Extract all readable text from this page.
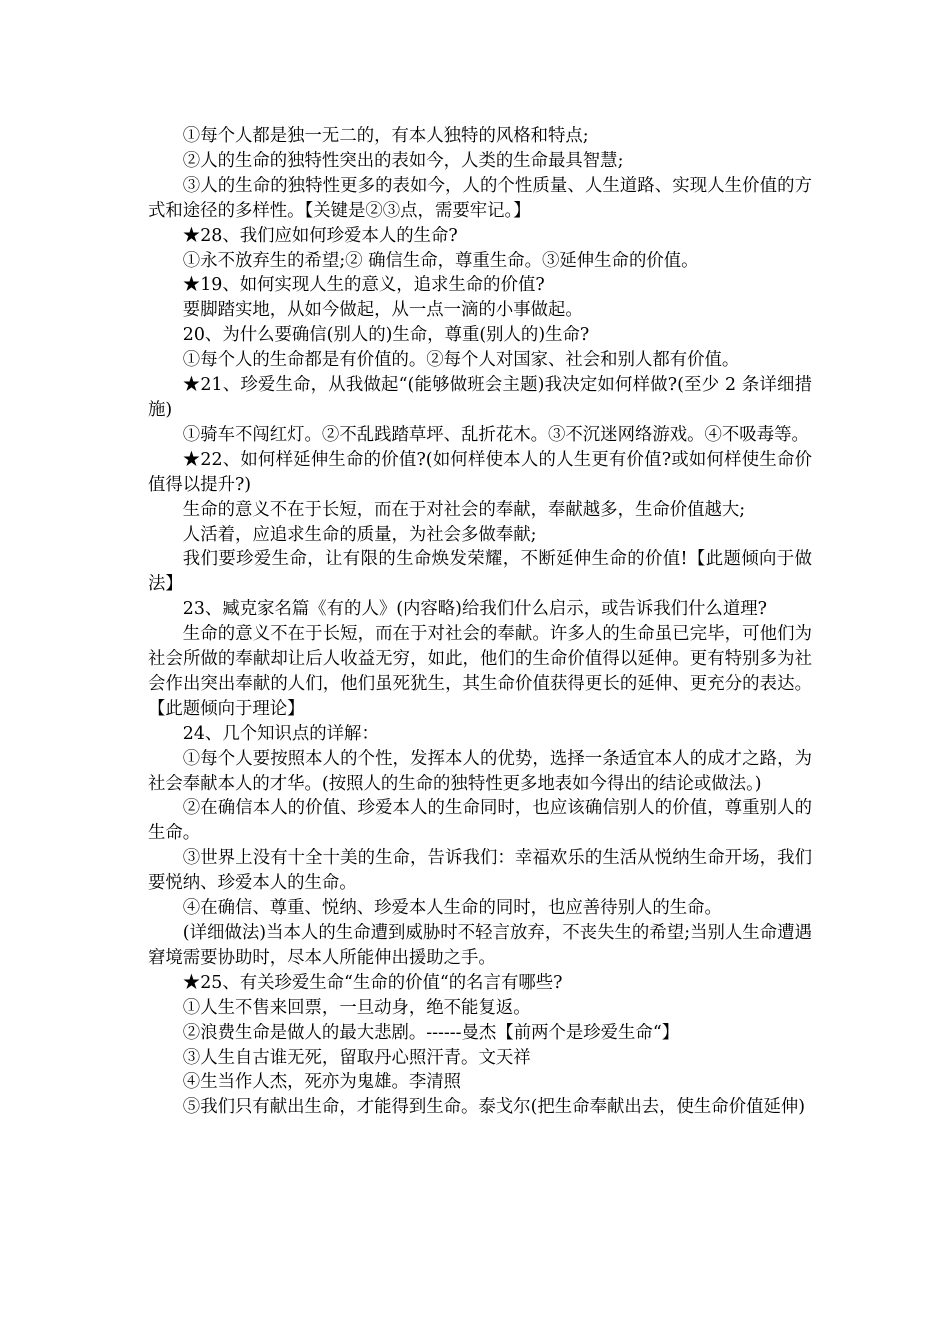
①每个人都是独一无二的，有本人独特的风格和特点;

②人的生命的独特性突出的表如今，人类的生命最具智慧;

③人的生命的独特性更多的表如今，人的个性质量、人生道路、实现人生价值的方式和途径的多样性。【关键是②③点，需要牢记。】

★28、我们应如何珍爱本人的生命?

①永不放弃生的希望;② 确信生命，尊重生命。③延伸生命的价值。

★19、如何实现人生的意义，追求生命的价值?

要脚踏实地，从如今做起，从一点一滴的小事做起。

20、为什么要确信(别人的)生命，尊重(别人的)生命?

①每个人的生命都是有价值的。②每个人对国家、社会和别人都有价值。

★21、珍爱生命，从我做起“(能够做班会主题)我决定如何样做?(至少 2 条详细措施)

①骑车不闯红灯。②不乱践踏草坪、乱折花木。③不沉迷网络游戏。④不吸毒等。

★22、如何样延伸生命的价值?(如何样使本人的人生更有价值?或如何样使生命价值得以提升?)

生命的意义不在于长短，而在于对社会的奉献，奉献越多，生命价值越大;

人活着，应追求生命的质量，为社会多做奉献;

我们要珍爱生命，让有限的生命焕发荣耀，不断延伸生命的价值!【此题倾向于做法】

23、臧克家名篇《有的人》(内容略)给我们什么启示，或告诉我们什么道理?

生命的意义不在于长短，而在于对社会的奉献。许多人的生命虽已完毕，可他们为社会所做的奉献却让后人收益无穷，如此，他们的生命价值得以延伸。更有特别多为社会作出突出奉献的人们，他们虽死犹生，其生命价值获得更长的延伸、更充分的表达。【此题倾向于理论】

24、几个知识点的详解：

①每个人要按照本人的个性，发挥本人的优势，选择一条适宜本人的成才之路，为社会奉献本人的才华。(按照人的生命的独特性更多地表如今得出的结论或做法。)

②在确信本人的价值、珍爱本人的生命同时，也应该确信别人的价值，尊重别人的生命。

③世界上没有十全十美的生命，告诉我们：幸福欢乐的生活从悦纳生命开场，我们要悦纳、珍爱本人的生命。

④在确信、尊重、悦纳、珍爱本人生命的同时，也应善待别人的生命。

(详细做法)当本人的生命遭到威胁时不轻言放弃，不丧失生的希望;当别人生命遭遇窘境需要协助时，尽本人所能伸出援助之手。

★25、有关珍爱生命“生命的价值“的名言有哪些?

①人生不售来回票，一旦动身，绝不能复返。

②浪费生命是做人的最大悲剧。------曼杰【前两个是珍爱生命“】

③人生自古谁无死，留取丹心照汗青。文天祥

④生当作人杰，死亦为鬼雄。李清照

⑤我们只有献出生命，才能得到生命。泰戈尔(把生命奉献出去，使生命价值延伸)
